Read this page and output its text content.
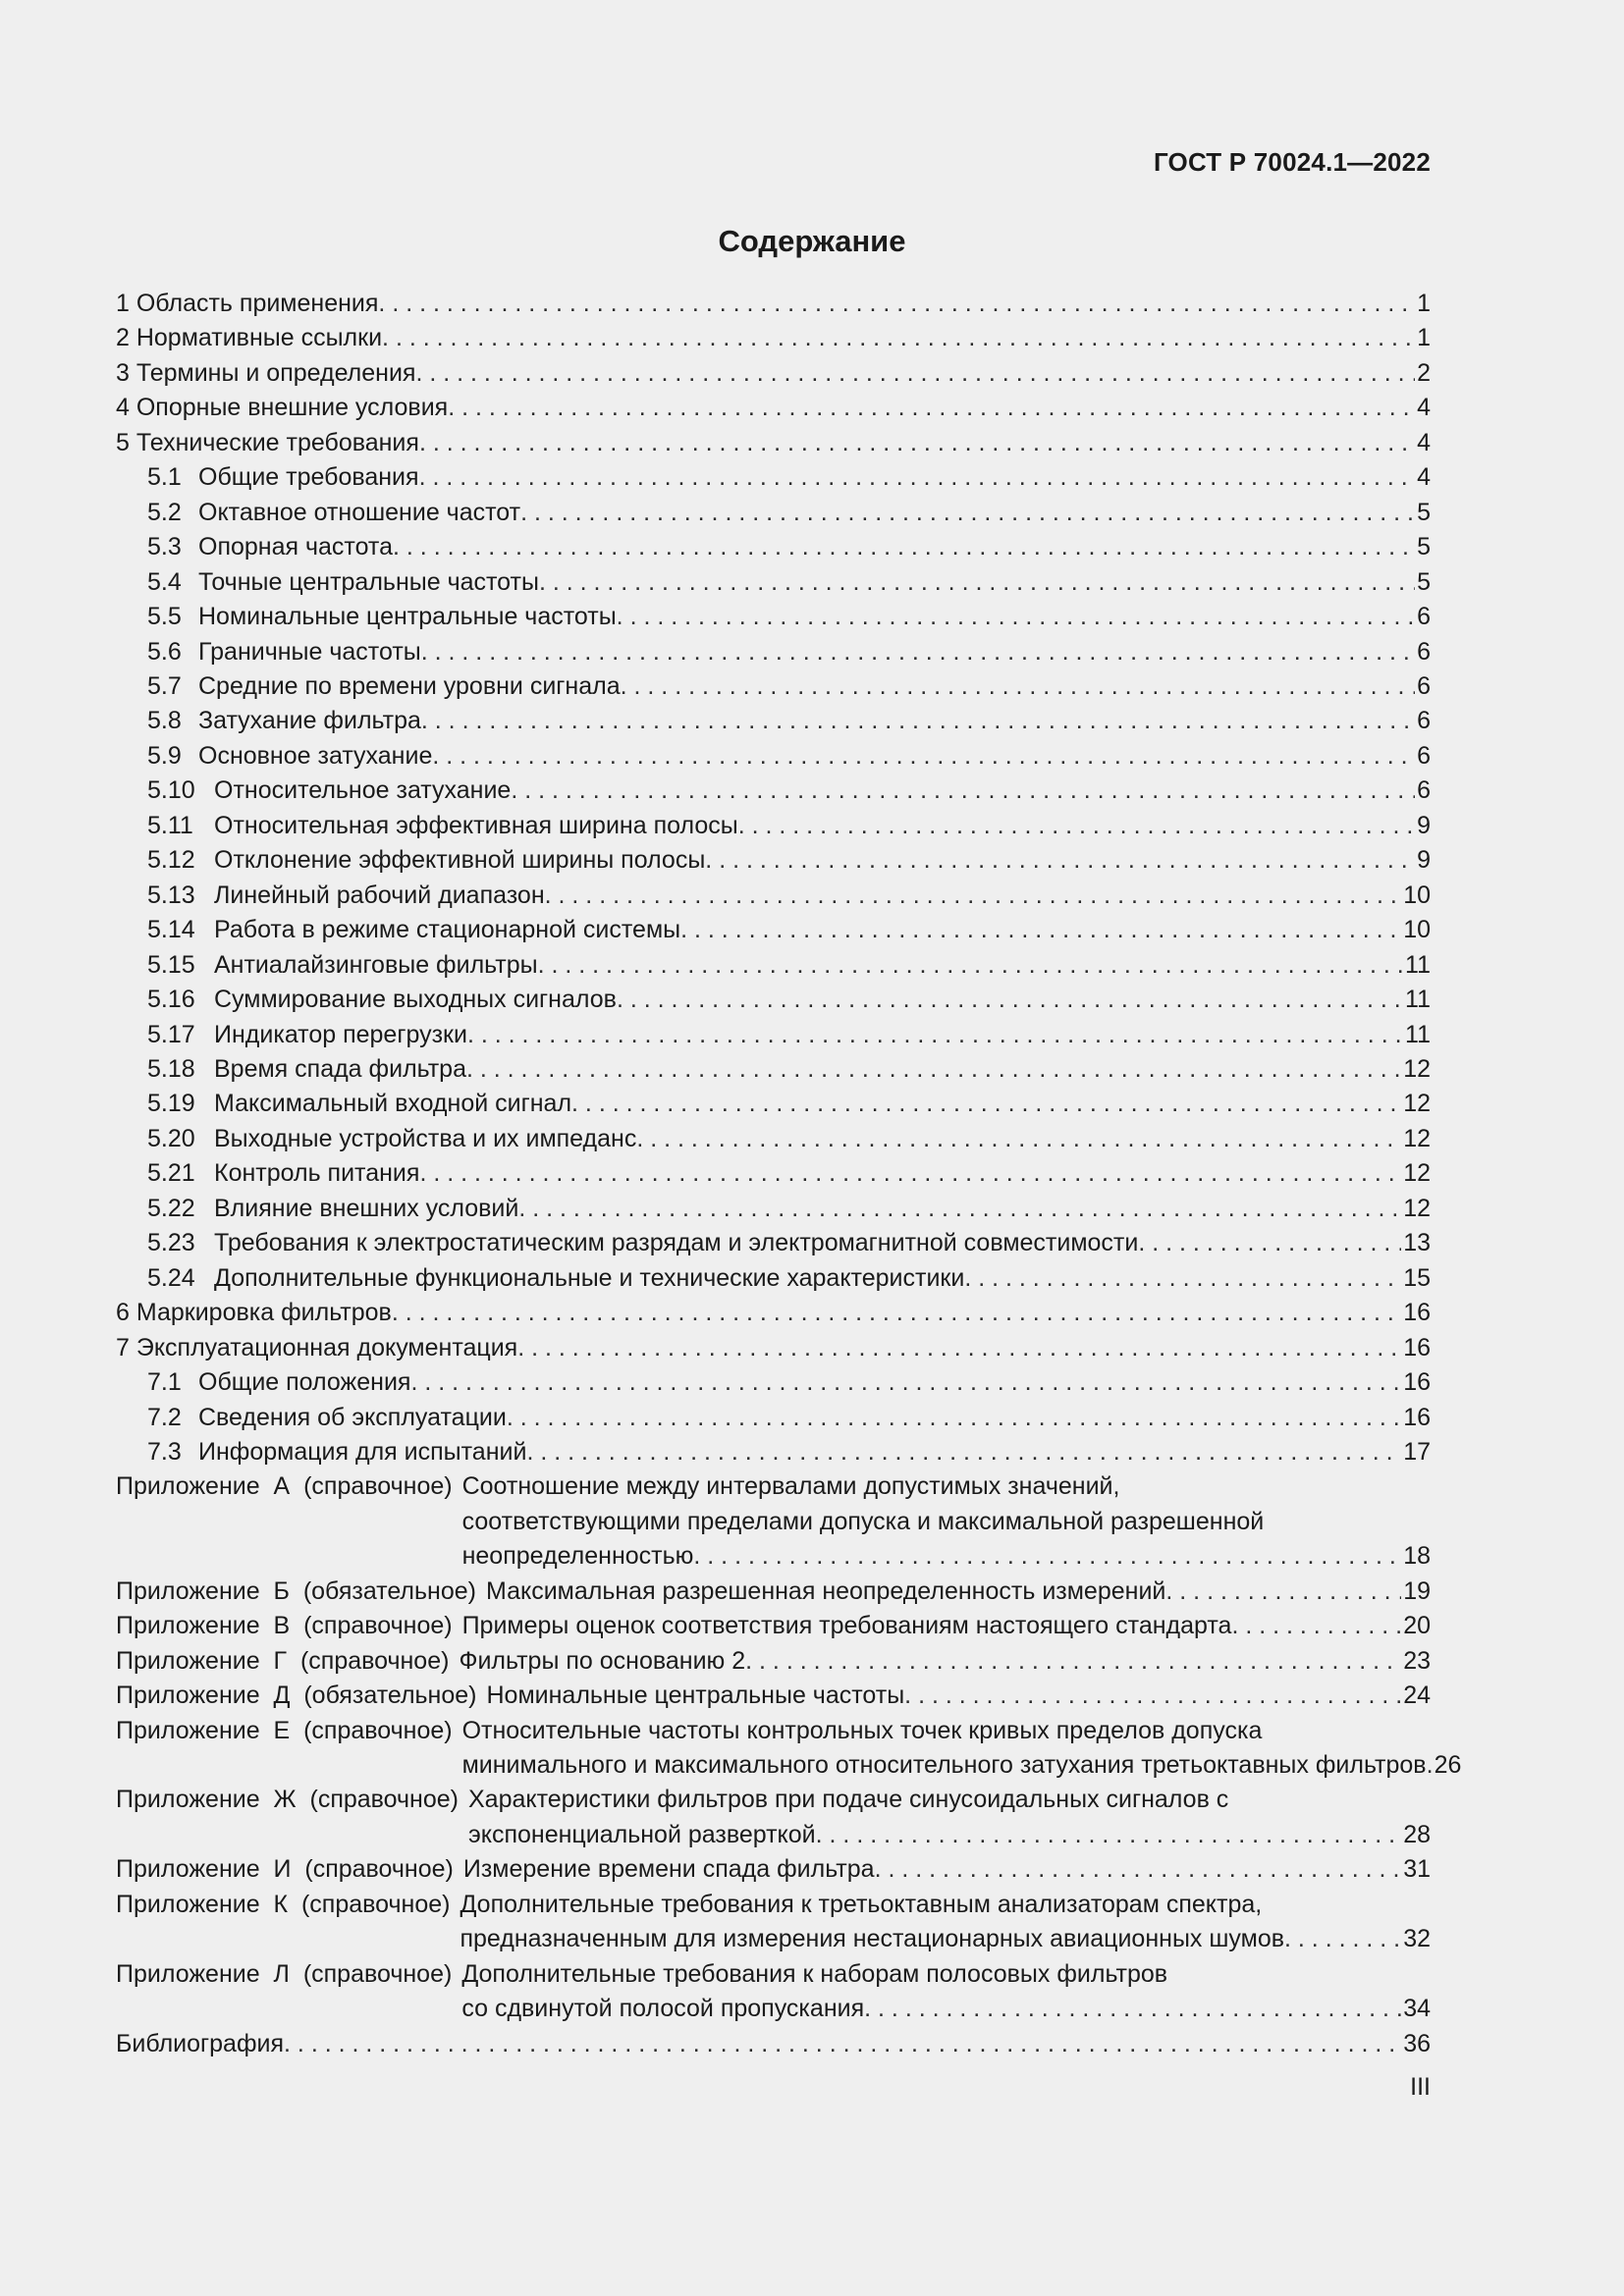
ГОСТ Р 70024.1—2022
Содержание
1 Область применения . . .	1
2 Нормативные ссылки . . .	1
3 Термины и определения . . .	2
4 Опорные внешние условия . . .	4
5 Технические требования . . .	4
5.1 Общие требования . . .	4
5.2 Октавное отношение частот . . .	5
5.3 Опорная частота . . .	5
5.4 Точные центральные частоты . . .	5
5.5 Номинальные центральные частоты . . .	6
5.6 Граничные частоты . . .	6
5.7 Средние по времени уровни сигнала . . .	6
5.8 Затухание фильтра . . .	6
5.9 Основное затухание . . .	6
5.10 Относительное затухание . . .	6
5.11 Относительная эффективная ширина полосы . . .	9
5.12 Отклонение эффективной ширины полосы . . .	9
5.13 Линейный рабочий диапазон . . .	10
5.14 Работа в режиме стационарной системы . . .	10
5.15 Антиалайзинговые фильтры . . .	11
5.16 Суммирование выходных сигналов . . .	11
5.17 Индикатор перегрузки . . .	11
5.18 Время спада фильтра . . .	12
5.19 Максимальный входной сигнал . . .	12
5.20 Выходные устройства и их импеданс . . .	12
5.21 Контроль питания . . .	12
5.22 Влияние внешних условий . . .	12
5.23 Требования к электростатическим разрядам и электромагнитной совместимости . . .	13
5.24 Дополнительные функциональные и технические характеристики . . .	15
6 Маркировка фильтров . . .	16
7 Эксплуатационная документация . . .	16
7.1 Общие положения . . .	16
7.2 Сведения об эксплуатации . . .	16
7.3 Информация для испытаний . . .	17
Приложение  А  (справочное) Соотношение между интервалами допустимых значений,
соответствующими пределами допуска и максимальной разрешенной
неопределенностью . . .	18
Приложение  Б  (обязательное) Максимальная разрешенная неопределенность измерений . . .	19
Приложение  В  (справочное) Примеры оценок соответствия требованиям настоящего стандарта . . .	20
Приложение  Г  (справочное) Фильтры по основанию 2 . . .	23
Приложение  Д  (обязательное) Номинальные центральные частоты . . .	24
Приложение  Е  (справочное) Относительные частоты контрольных точек кривых пределов допуска
минимального и максимального относительного затухания третьоктавных фильтров . . . 26
Приложение  Ж  (справочное) Характеристики фильтров при подаче синусоидальных сигналов с
экспоненциальной разверткой . . .	28
Приложение  И  (справочное) Измерение времени спада фильтра . . .	31
Приложение  К  (справочное) Дополнительные требования к третьоктавным анализаторам спектра,
предназначенным для измерения нестационарных авиационных шумов . . .	32
Приложение  Л  (справочное) Дополнительные требования к наборам полосовых фильтров
со сдвинутой полосой пропускания . . .	34
Библиография . . .	36
III
